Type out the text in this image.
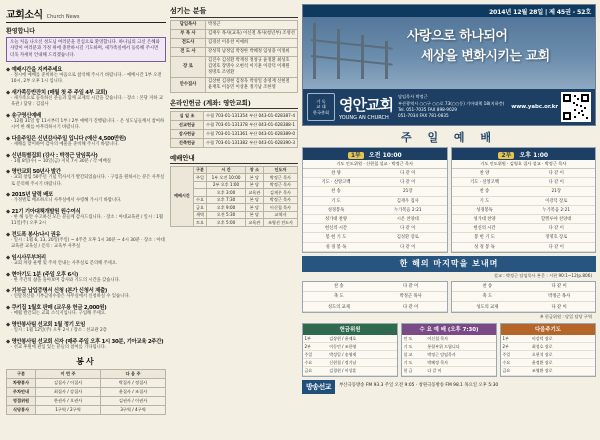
교회소식 Church News
환영합니다
오늘 처음 나오신 성도님 여러분을 진심으로 환영합니다. 하나님의 크신 은혜와 사랑이 여러분과 가정 위에 충만하시길 기도하며, 새가족실에서 등록해 주시면 더욱 자세히 안내해 드리겠습니다.
◆ 예배시간을 지켜주세요
· 정시에 예배를 준비하는 마음으로 참석해 주시기 바랍니다. · 예배시간 1부 오전 10시, 2부 오후 1시 입니다.
◆ 새가족등반잔치 (매월 첫 주 주일 4부 교회)
· 새가족으로 등록하신 분들과 함께 교제의 시간을 갖습니다. · 장소 : 본당 지하 교육관 / 담당 : 김집사
◆ 송구영신예배
· 12월 31일 밤 11시부터 1부 / 2부 예배가 진행됩니다. · 온 성도님들께서 참여하시어 한 해를 마무리하시기 바랍니다.
◆ 다음주일은 신년감사주일 입니다 (예산 4,500만원)
· 새해를 맞이하여 감사의 예물을 준비해 주시기 바랍니다.
◆ 신년특별집회 (강사 : 박정근 담임목사)
· 1월 8일(수) ~ 10일(금) 저녁 7시 30분 / 각 예배실
◆ 영안교회 50년사 발간
· 교회 창립 50주년 기념 역사서가 발간되었습니다. · 구입을 원하시는 분은 사무실로 문의해 주시기 바랍니다.
◆ 2015년 달력 배포
· 가정별로 배포하오니 사무실에서 수령해 가시기 바랍니다.
◆ 21기 기아대책개발원 원수여식
· 한 해 동안 수고하신 모든 분들께 감사드립니다. · 장소 : 아대교육관 / 일시 : 1월 11일(주) 오후 2시
◆ 전도폭 봉사/나시 권유
· 일시 : 1월 6, 13, 20일(주일) ~ 4주간 오후 1시 30분 ~ 4시 30분 · 장소 : 아대교육관 교육실 / 문의 : 교육부 사무실
◆ 임시사무부처리
· 교회 차량 운행 및 주차 안내는 사무실로 문의해 주세요.
◆ 현아기도 1분 (주일 오후 6시)
· 한 주간의 삶을 돌아보며 감사와 기도의 시간을 갖습니다.
◆ 기부금 납입증명서 신청 (본가 신청서 제출)
· 연말정산용 기부금영수증은 사무실에서 신청하실 수 있습니다.
◆ 쿠키집 1월호 판매 (교우용 헌금 2,000원)
· 매월 발간되는 교회 소식지입니다. 구입해 주세요.
◆ 영안봉사팀 선교회 1월 정기 모임
· 일시 : 1월 12일(주) 오후 2시 / 장소 : 선교관 2층
◆ 영안봉사팀 선교회 신자 (매주 주일 오후 1시 30분, 기아교육 2주간)
· 선교 후원에 관심 있는 분들의 참여를 기다립니다.
봉사
구분	이 번 주	다 음 주
차량봉사	김집사 / 이집사	박집사 / 정집사
주차안내	최집사 / 강집사	윤집사 / 조집사
영접위원	한권사 / 오권사	김권사 / 이권사
식당봉사	1구역 / 2구역	3구역 / 4구역
섬기는 분들
담임목사	박정근
부 목 사	김재우 목사(교육) 이신철 목사(청년부) 조영선
전도사	김경선 이유찬 이예희
전 도 사	강성혁 남정임 박정한 박혜정 임성용 이정희
장 로	김진수 김성환 박재성 정창규 윤정환 최성호 김영호 장명수 오현석 이기훈 이강덕 이재원 정명호 조영환
안수집사	김상현 김경현 김정욱 박성일 송영재 신현철 윤재호 이동민 이상훈 정기남 조한영
온라인헌금 (계좌: 영안교회)
십 일 조	수협 703-01-131354 부산 043-01-028387-4
선교헌금	수협 703-01-131378 부산 043-01-028388-1
감사헌금	수협 703-01-131361 부산 043-01-028389-0
건축헌금	수협 703-01-131382 부산 043-01-028390-3
예배안내
예배시간	구분	시 간	장 소	인도자
	주일	1부 오전 10:00	본 당	박정근 목사
		2부 오후 1:00	본 당	박정근 목사
		오후 3:00	교육관	김재우 목사
	수요	오후 7:30	본 당	박정근 목사
	금요	오후 9:00	본 당	이신철 목사
	새벽	오전 5:30	본 당	교역자
	토요	오후 5:00	교육관	조영선 전도사
2014년 12월 28일 | 제 45권 - 52호
사랑으로 하나되어
세상을 변화시키는 교회
기 독
교 대
한국총회 영안교회
YOUNG AN CHURCH
담임목사 박정근
부산광역시 ○○구 ○○로 73(○○동) 기아대책 18(지하층)
Tel. 051-7035 FAX 898-9029
051-7034 FAX 781-0835
www.yabc.or.kr
주 일 예 배
1부 오전 10:00
기도 인도위원 · 신현철 설교 · 박정근 목사
찬 양	다 같 이
기도 · 신앙고백	다 같 이
찬 송	21장
기 도	김재우 집사
성경봉독	누가복음 2:21
성가대 찬양	시온 찬양대
헌신의 시간	다 같 이
봉 헌 기 도	김성환 장로
성 경 봉 독	다 같 이
2부 오후 1:00
기도 인도위원 · 김영호 집사 설교 · 박정근 목사
찬 양	다 같 이
기도 · 신앙고백	다 같 이
찬 송	21장
기 도	이강덕 장로
성경봉독	누가복음 2:21
성가대 찬양	할렐루야 찬양대
헌신의 시간	다 같 이
봉 헌 기 도	정명호 장로
성 경 봉 독	다 같 이
한 해의 마지막을 보내며
설교 : 박정근 담임목사 본문 : 시편 90:1~12(p.806)
찬 송	다 같 이
축 도	박정근 목사
성도의 교제	다 같 이
찬 송	다 같 이
축 도	박정근 목사
성도의 교제	다 같 이
※ 헌금위원 : 당일 담당 구역
헌금위원
1부	김상현 / 윤재호
2부	이동민 / 조한영
주일	박성일 / 송영재
수요	신현철 / 정기남
금요	김경현 / 이상훈
수 요 예 배 (오후 7:30)
인 도	이신철 목사
기 도	통합부위 드립니다
설 교	박정근 담임목사
기 도	박혜정 목사
헌 금	다 같 이
다음주기도
1부	이강덕 장로
2부	최성호 장로
주일	오현석 장로
수요	윤정환 장로
금요	조영환 장로
방송선교	부산극동방송 FM 93.3 주일 오전 9:05 · 창원극동방송 FM 98.1 목요일 오후 5:30
